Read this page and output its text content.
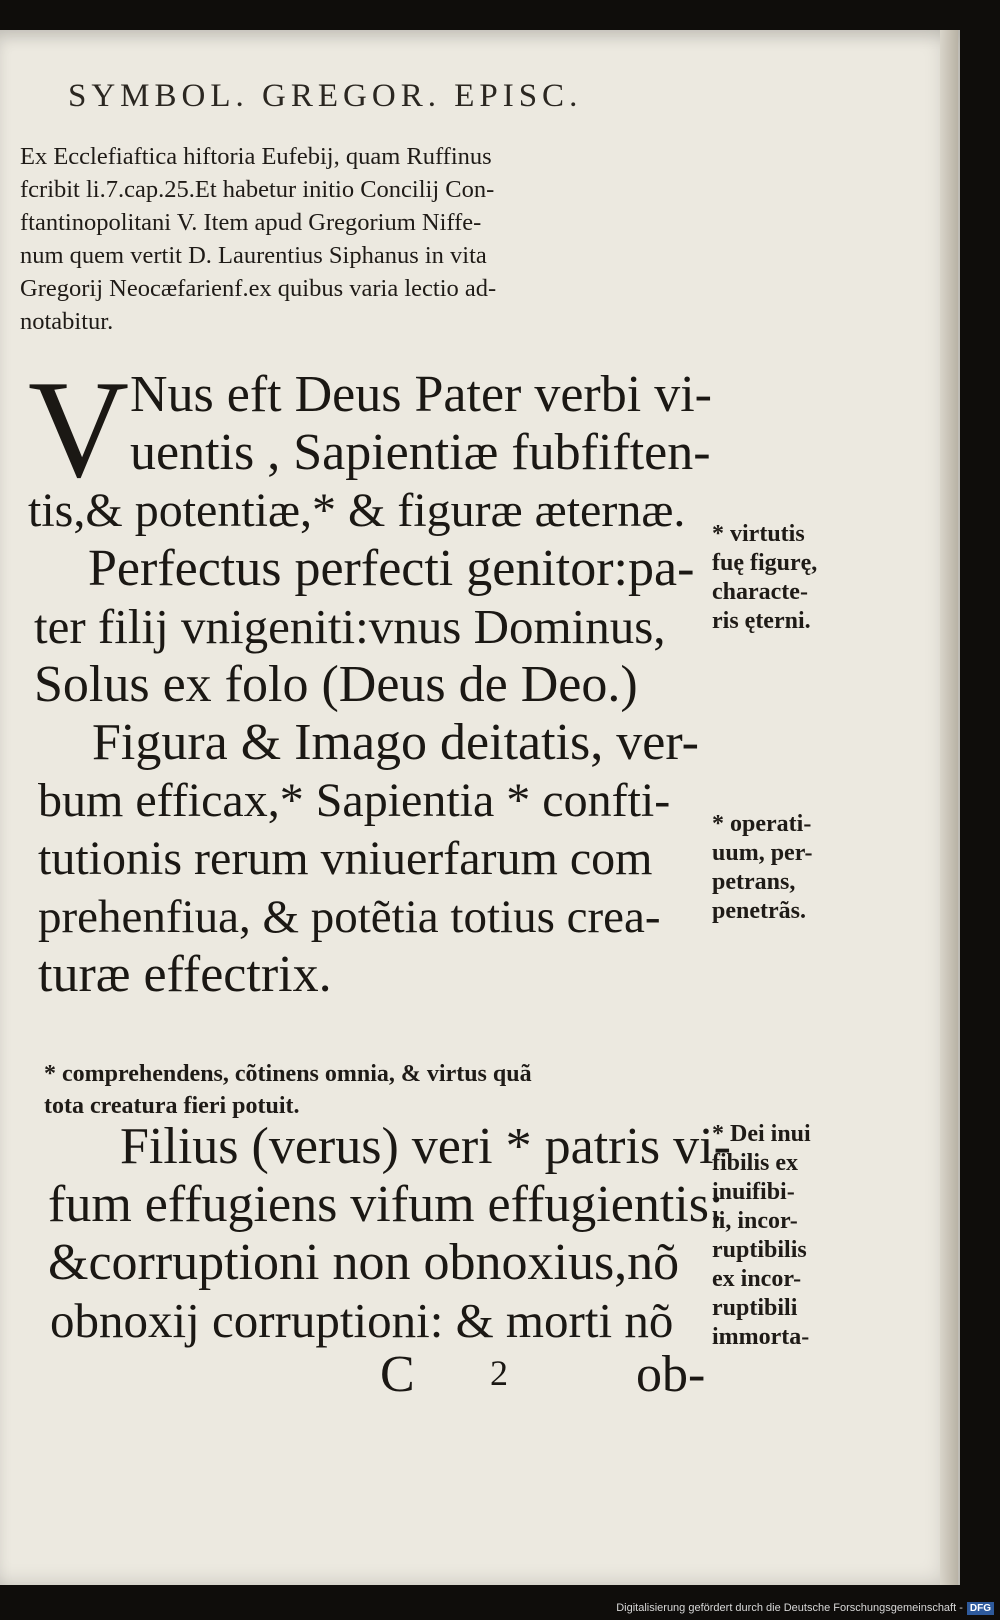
SYMBOL. GREGOR. EPISC.
Ex Ecclefiaftica hiftoria Eufebij, quam Ruffinus
fcribit li.7.cap.25.Et habetur initio Concilij Con-
ftantinopolitani V. Item apud Gregorium Niffe-
num quem vertit D. Laurentius Siphanus in vita
Gregorij Neocæfarienf.ex quibus varia lectio ad-
notabitur.
V Nus eft Deus Pater verbi vi-
uentis , Sapientiæ fubfiften-
tis,& potentiæ,* & figuræ æternæ.
Perfectus perfecti genitor:pa-
ter filij vnigeniti:vnus Dominus,
Solus ex folo (Deus de Deo.)
Figura & Imago deitatis, ver-
bum efficax,* Sapientia * confti-
tutionis rerum vniuerfarum com
prehenfiua, & potẽtia totius crea-
turæ effectrix.
* virtutis
fuę figurę,
characte-
ris ęterni.
* operati-
uum, per-
petrans,
penetrãs.
* comprehendens, cõtinens omnia, & virtus quã
tota creatura fieri potuit.
Filius (verus) veri * patris vi-
fum effugiens vifum effugientis:
&corruptioni non obnoxius,nõ
obnoxij corruptioni: & morti nõ
* Dei inui
fibilis ex
inuifibi-
li, incor-
ruptibilis
ex incor-
ruptibili
immorta-
C 2 ob-
Digitalisierung gefördert durch die Deutsche Forschungsgemeinschaft - DFG
